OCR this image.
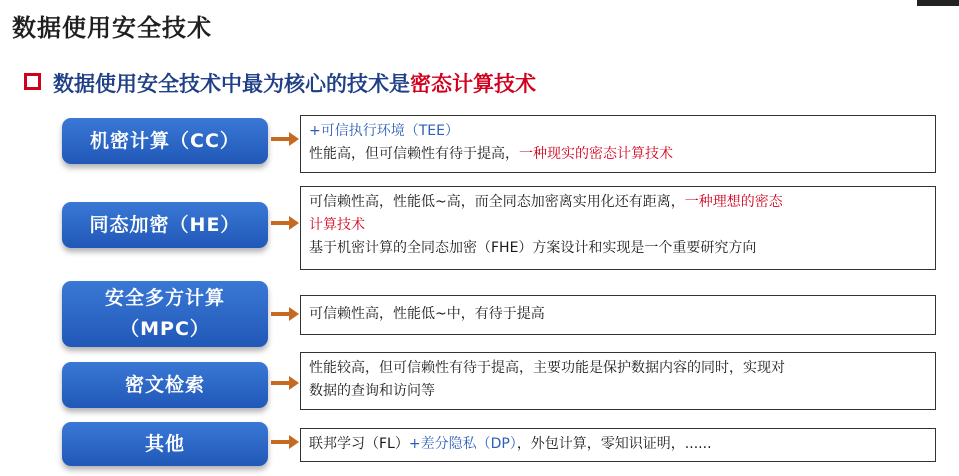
数据使用安全技术
数据使用安全技术中最为核心的技术是密态计算技术
机密计算（CC）	+可信执行环境（TEE）
性能高，但可信赖性有待于提高，一种现实的密态计算技术
同态加密（HE）
可信赖性高，性能低~高，而全同态加密离实用化还有距离，一种理想的密态
计算技术
基于机密计算的全同态加密（FHE）方案设计和实现是一个重要研究方向
安全多方计算
（MPC）
可信赖性高，性能低~中，有待于提高
密文检索
性能较高，但可信赖性有待于提高，主要功能是保护数据内容的同时，实现对
数据的查询和访问等
其他	联邦学习（FL）+差分隐私（DP），外包计算，零知识证明，......
